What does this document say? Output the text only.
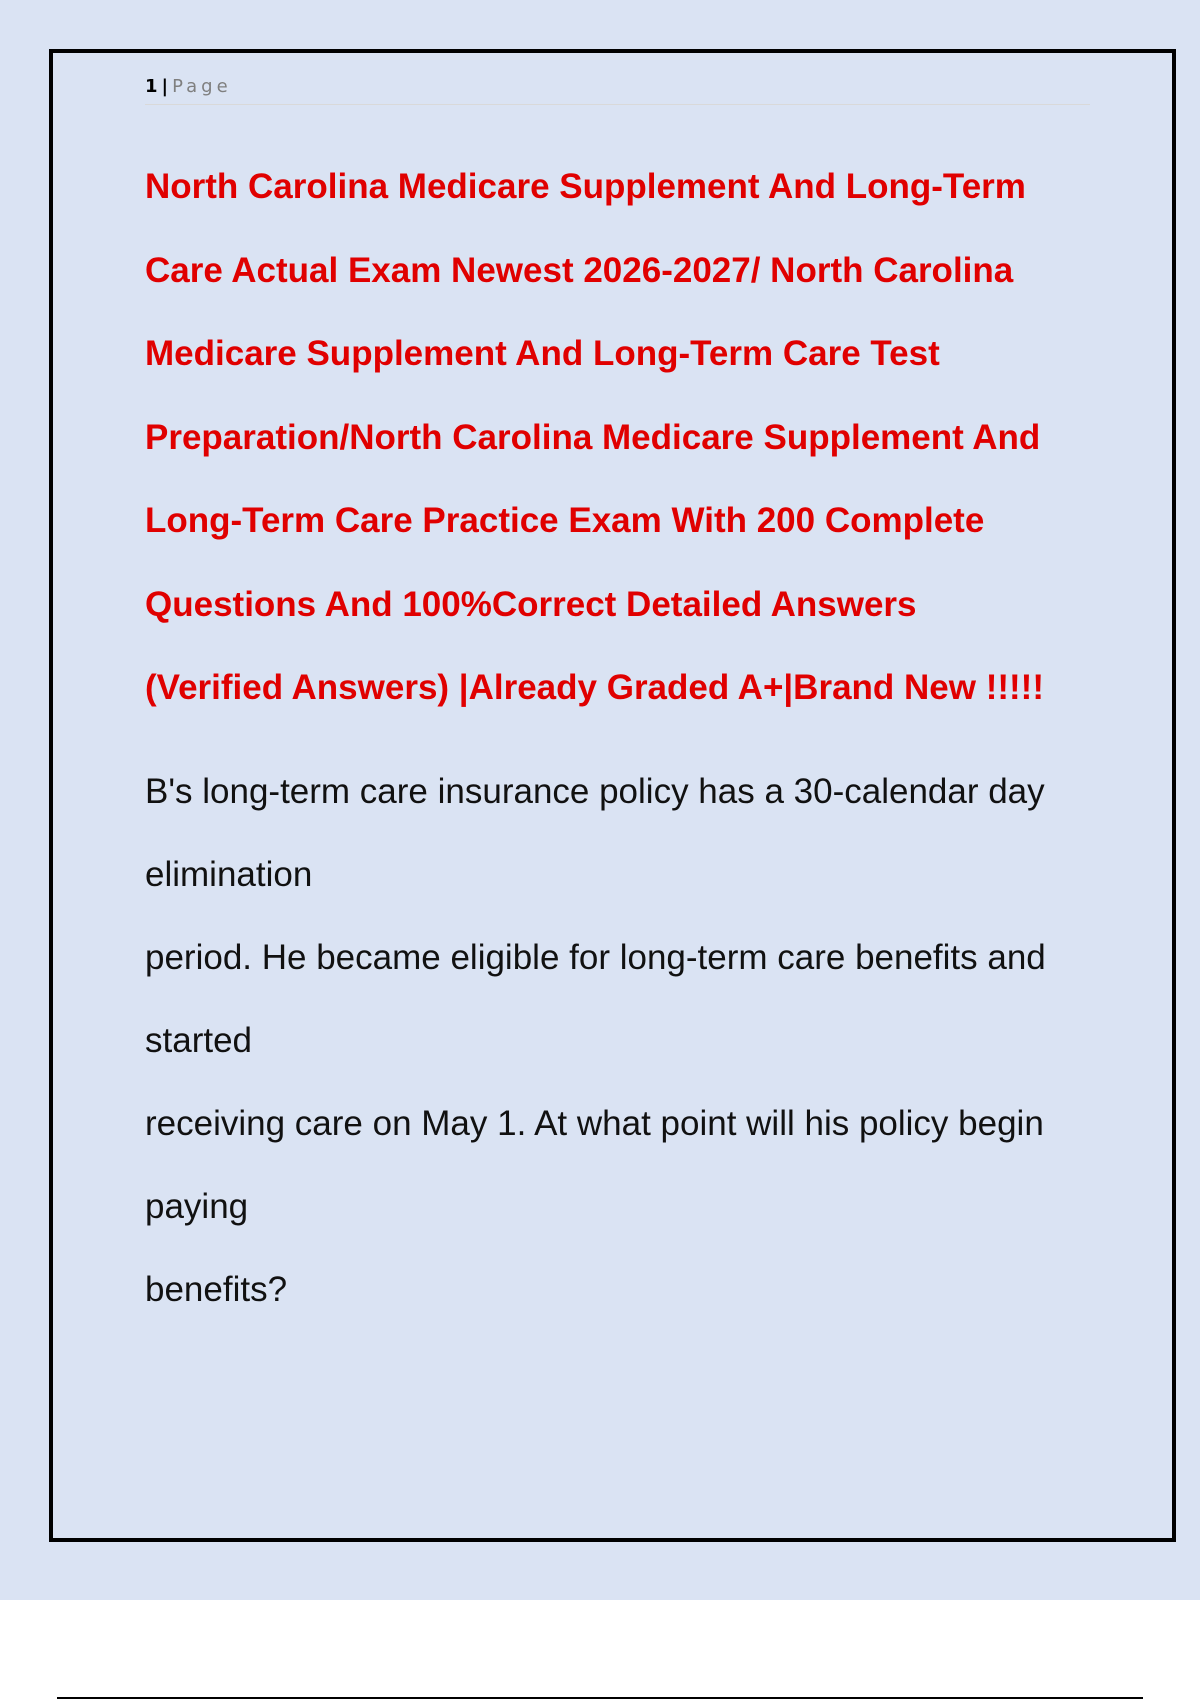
1 | Page
North Carolina Medicare Supplement And Long-Term
Care Actual Exam Newest 2026-2027/ North Carolina
Medicare Supplement And Long-Term Care Test
Preparation/North Carolina Medicare Supplement And
Long-Term Care Practice Exam With 200 Complete
Questions And 100%Correct Detailed Answers
(Verified Answers) |Already Graded A+|Brand New !!!!!

B's long-term care insurance policy has a 30-calendar day
elimination
period. He became eligible for long-term care benefits and
started
receiving care on May 1. At what point will his policy begin
paying
benefits?
